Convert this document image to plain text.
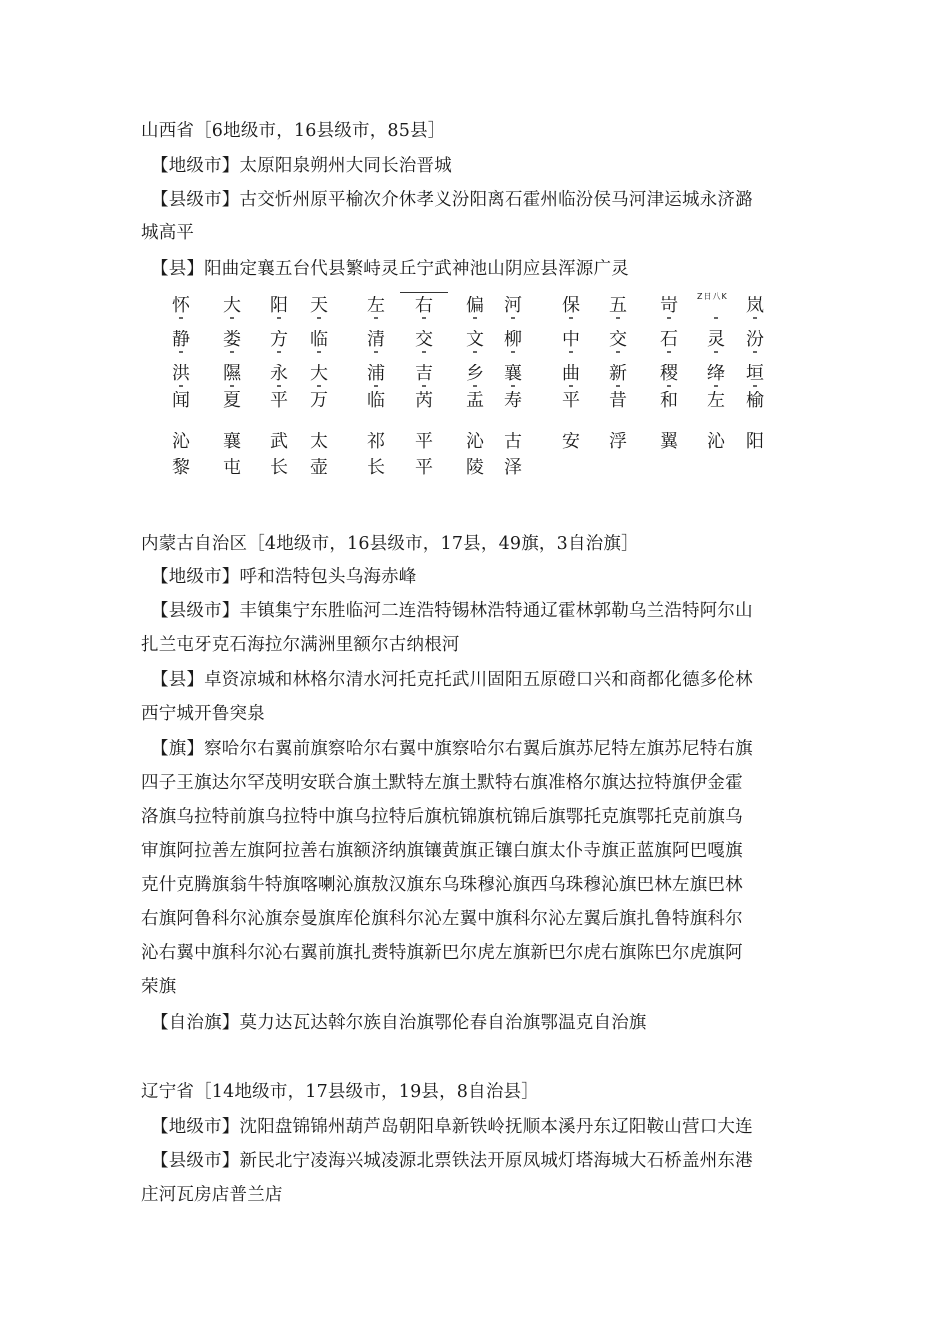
山西省［6地级市，16县级市，85县］
【地级市】太原阳泉朔州大同长治晋城
【县级市】古交忻州原平榆次介休孝义汾阳离石霍州临汾侯马河津运城永济潞
城高平
【县】阳曲定襄五台代县繁峙灵丘宁武神池山阴应县浑源广灵
Z日八K
怀
静
洪
闻
沁
黎
大
娄
隰
夏
襄
屯
阳
方
永
平
武
长
天
临
大
万
太
壶
左
清
浦
临
祁
长
右
交
吉
芮
平
平
偏
文
乡
盂
沁
陵
河
柳
襄
寿
古
泽
保
中
曲
平
安
五
交
新
昔
浮
岢
石
稷
和
翼
灵
绛
左
沁
岚
汾
垣
榆
阳
内蒙古自治区［4地级市，16县级市，17县，49旗，3自治旗］
【地级市】呼和浩特包头乌海赤峰
【县级市】丰镇集宁东胜临河二连浩特锡林浩特通辽霍林郭勒乌兰浩特阿尔山
扎兰屯牙克石海拉尔满洲里额尔古纳根河
【县】卓资凉城和林格尔清水河托克托武川固阳五原磴口兴和商都化德多伦林
西宁城开鲁突泉
【旗】察哈尔右翼前旗察哈尔右翼中旗察哈尔右翼后旗苏尼特左旗苏尼特右旗
四子王旗达尔罕茂明安联合旗土默特左旗土默特右旗准格尔旗达拉特旗伊金霍
洛旗乌拉特前旗乌拉特中旗乌拉特后旗杭锦旗杭锦后旗鄂托克旗鄂托克前旗乌
审旗阿拉善左旗阿拉善右旗额济纳旗镶黄旗正镶白旗太仆寺旗正蓝旗阿巴嘎旗
克什克腾旗翁牛特旗喀喇沁旗敖汉旗东乌珠穆沁旗西乌珠穆沁旗巴林左旗巴林
右旗阿鲁科尔沁旗奈曼旗库伦旗科尔沁左翼中旗科尔沁左翼后旗扎鲁特旗科尔
沁右翼中旗科尔沁右翼前旗扎赉特旗新巴尔虎左旗新巴尔虎右旗陈巴尔虎旗阿
荣旗
【自治旗】莫力达瓦达斡尔族自治旗鄂伦春自治旗鄂温克自治旗
辽宁省［14地级市，17县级市，19县，8自治县］
【地级市】沈阳盘锦锦州葫芦岛朝阳阜新铁岭抚顺本溪丹东辽阳鞍山营口大连
【县级市】新民北宁凌海兴城凌源北票铁法开原凤城灯塔海城大石桥盖州东港
庄河瓦房店普兰店
